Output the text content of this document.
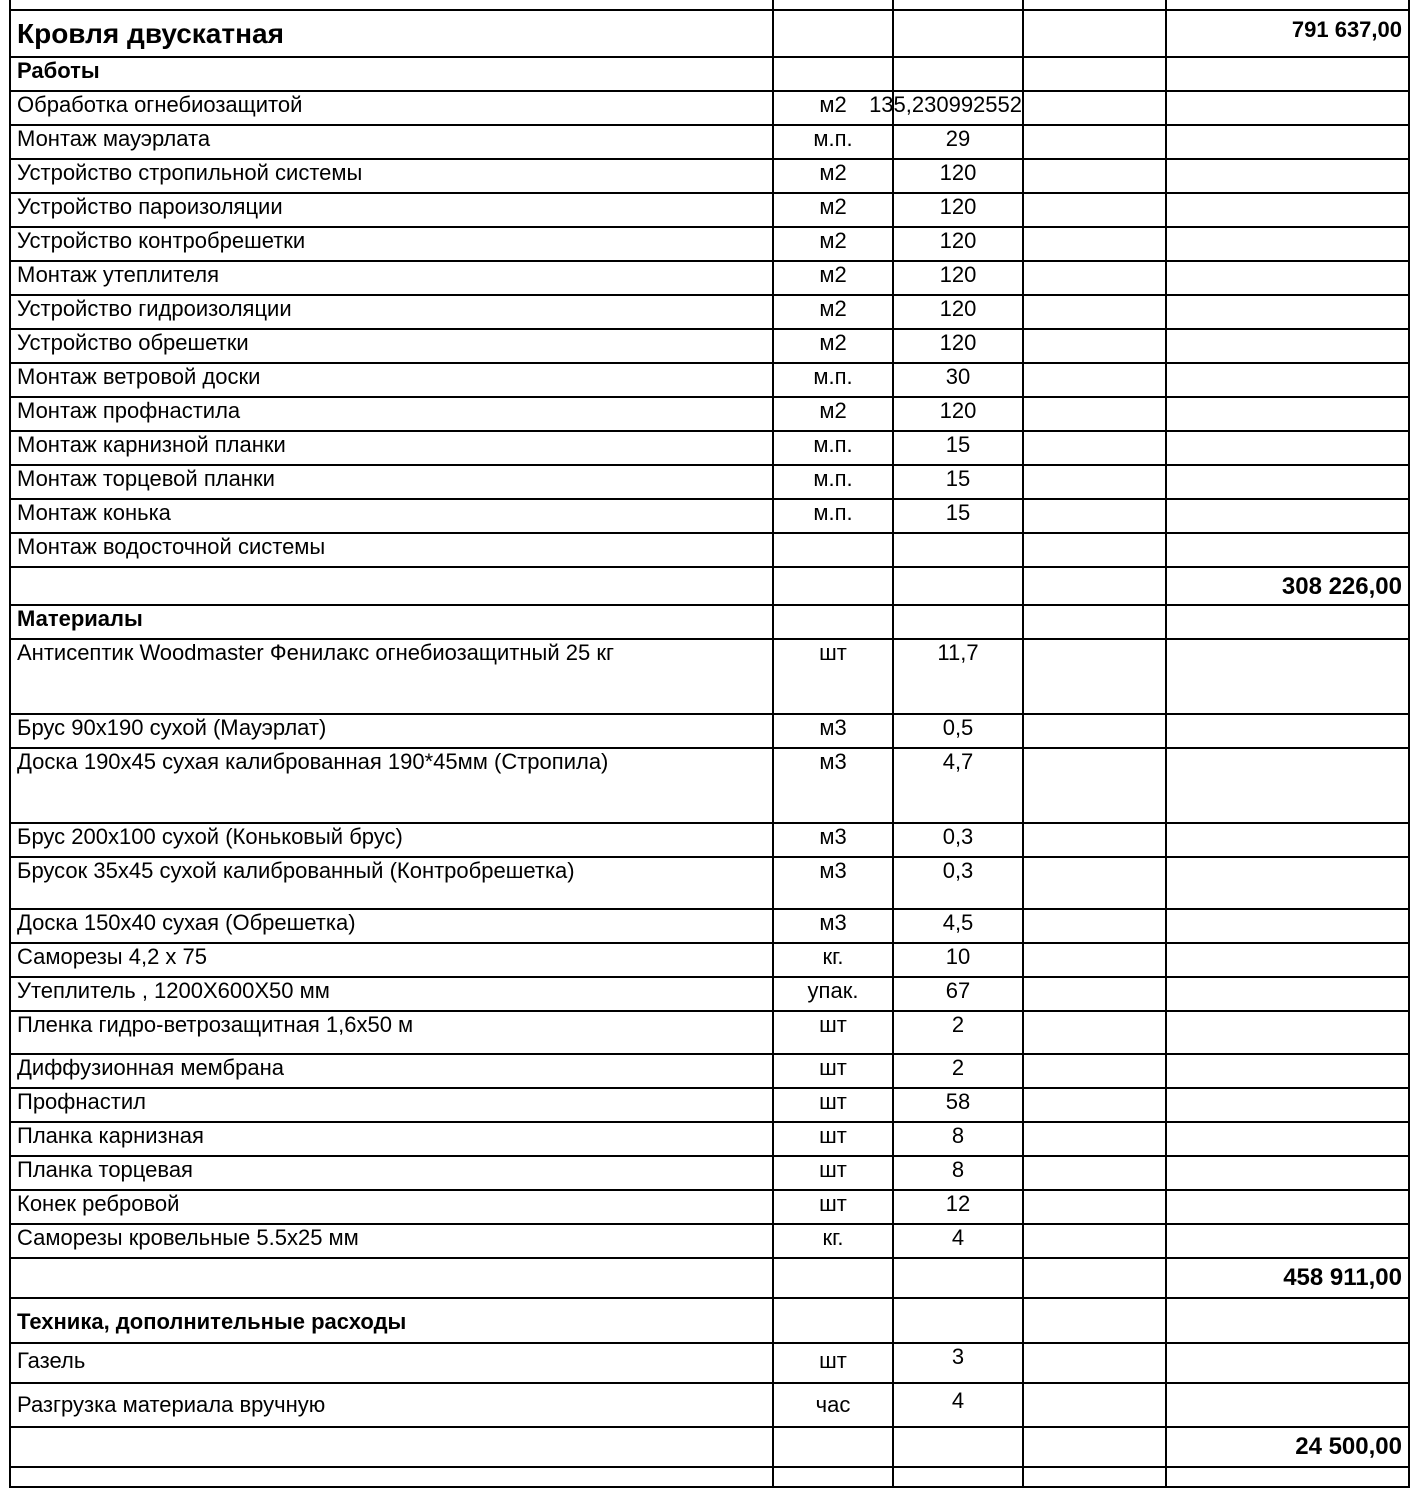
Кровля двускатная				791 637,00
Работы				
Обработка огнебиозащитой	м2	135,230992552		
Монтаж мауэрлата	м.п.	29		
Устройство стропильной системы	м2	120		
Устройство пароизоляции	м2	120		
Устройство контробрешетки	м2	120		
Монтаж утеплителя	м2	120		
Устройство гидроизоляции	м2	120		
Устройство обрешетки	м2	120		
Монтаж ветровой доски	м.п.	30		
Монтаж профнастила	м2	120		
Монтаж карнизной планки	м.п.	15		
Монтаж торцевой планки	м.п.	15		
Монтаж конька	м.п.	15		
Монтаж водосточной системы				
				308 226,00
Материалы				
Антисептик Woodmaster Фенилакс огнебиозащитный 25 кг	шт	11,7		
Брус 90х190 сухой (Мауэрлат)	м3	0,5		
Доска 190х45 сухая калиброванная 190*45мм (Стропила)	м3	4,7		
Брус 200х100 сухой (Коньковый брус)	м3	0,3		
Брусок 35х45 сухой калиброванный (Контробрешетка)	м3	0,3		
Доска 150х40 сухая (Обрешетка)	м3	4,5		
Саморезы 4,2 х 75	кг.	10		
Утеплитель , 1200X600X50 мм	упак.	67		
Пленка гидро-ветрозащитная 1,6х50 м	шт	2		
Диффузионная мембрана	шт	2		
Профнастил	шт	58		
Планка карнизная	шт	8		
Планка торцевая	шт	8		
Конек ребровой	шт	12		
Саморезы кровельные 5.5х25 мм	кг.	4		
				458 911,00
Техника, дополнительные расходы				
Газель	шт	3		
Разгрузка материала вручную	час	4		
				24 500,00
